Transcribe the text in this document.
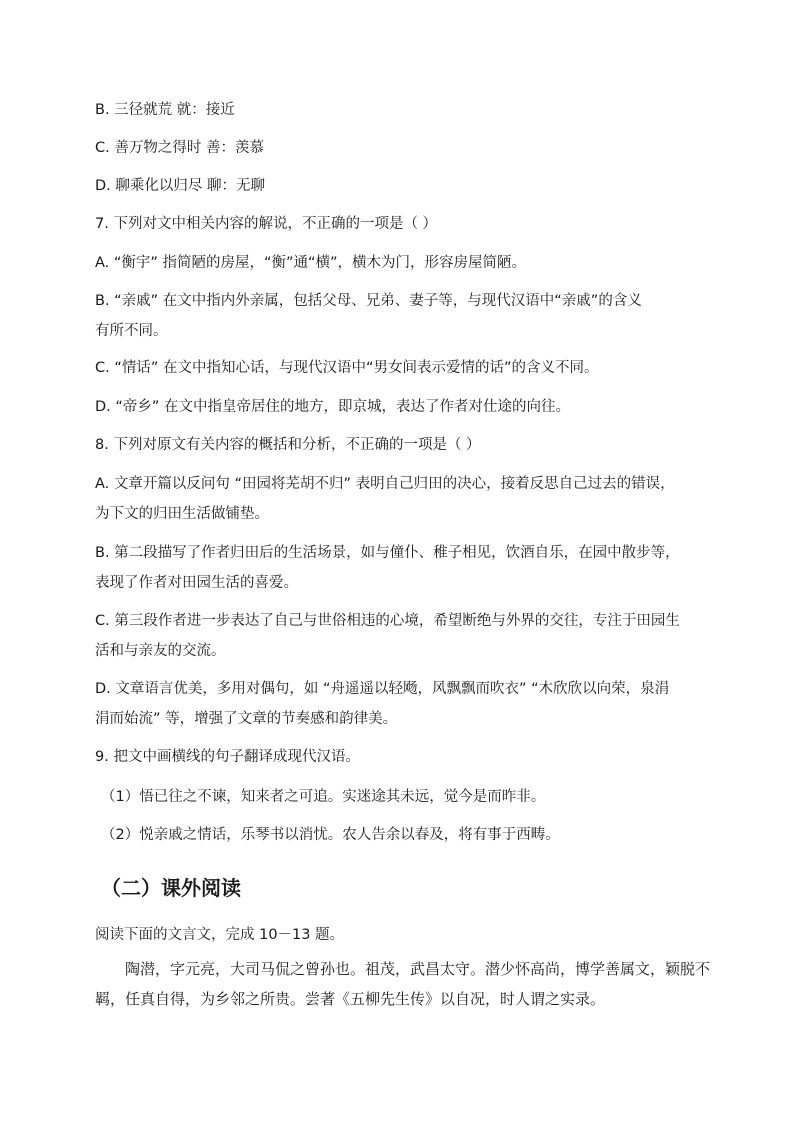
B. 三径就荒 就：接近
C. 善万物之得时 善：羡慕
D. 聊乘化以归尽 聊：无聊
7. 下列对文中相关内容的解说，不正确的一项是（ ）
A. “衡宇” 指简陋的房屋，“衡”通“横”，横木为门，形容房屋简陋。
B. “亲戚” 在文中指内外亲属，包括父母、兄弟、妻子等，与现代汉语中“亲戚”的含义
有所不同。
C. “情话” 在文中指知心话，与现代汉语中“男女间表示爱情的话”的含义不同。
D. “帝乡” 在文中指皇帝居住的地方，即京城，表达了作者对仕途的向往。
8. 下列对原文有关内容的概括和分析，不正确的一项是（ ）
A. 文章开篇以反问句 “田园将芜胡不归” 表明自己归田的决心，接着反思自己过去的错误，
为下文的归田生活做铺垫。
B. 第二段描写了作者归田后的生活场景，如与僮仆、稚子相见，饮酒自乐，在园中散步等，
表现了作者对田园生活的喜爱。
C. 第三段作者进一步表达了自己与世俗相违的心境，希望断绝与外界的交往，专注于田园生
活和与亲友的交流。
D. 文章语言优美，多用对偶句，如 “舟遥遥以轻飏，风飘飘而吹衣” “木欣欣以向荣，泉涓
涓而始流” 等，增强了文章的节奏感和韵律美。
9. 把文中画横线的句子翻译成现代汉语。
（1）悟已往之不谏，知来者之可追。实迷途其未远，觉今是而昨非。
（2）悦亲戚之情话，乐琴书以消忧。农人告余以春及，将有事于西畴。
（二）课外阅读
阅读下面的文言文，完成 10－13 题。
陶潜，字元亮，大司马侃之曾孙也。祖茂，武昌太守。潜少怀高尚，博学善属文，颖脱不
羁，任真自得，为乡邻之所贵。尝著《五柳先生传》以自况，时人谓之实录。
